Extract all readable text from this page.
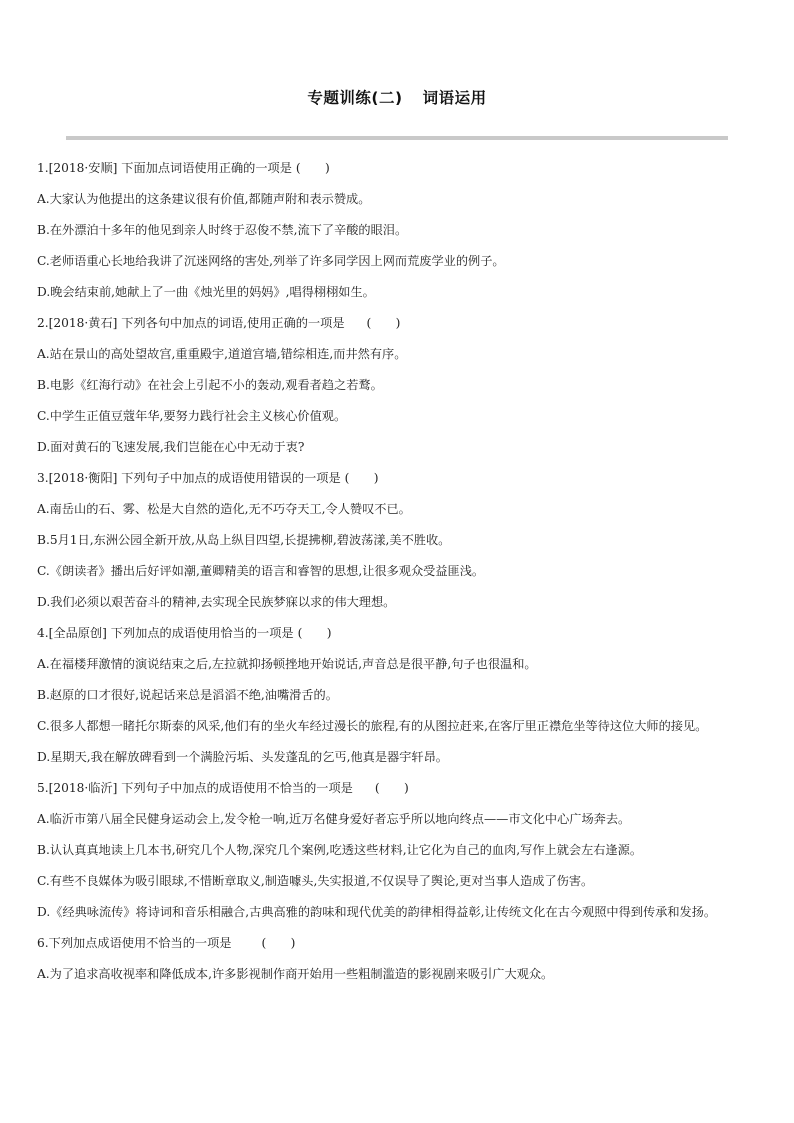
专题训练(二) 词语运用
1.[2018·安顺] 下面加点词语使用正确的一项是 (　　)
A.大家认为他提出的这条建议很有价值,都随声附和表示赞成。
B.在外漂泊十多年的他见到亲人时终于忍俊不禁,流下了辛酸的眼泪。
C.老师语重心长地给我讲了沉迷网络的害处,列举了许多同学因上网而荒废学业的例子。
D.晚会结束前,她献上了一曲《烛光里的妈妈》,唱得栩栩如生。
2.[2018·黄石] 下列各句中加点的词语,使用正确的一项是 (　　)
A.站在景山的高处望故宫,重重殿宇,道道宫墙,错综相连,而井然有序。
B.电影《红海行动》在社会上引起不小的轰动,观看者趋之若鹜。
C.中学生正值豆蔻年华,要努力践行社会主义核心价值观。
D.面对黄石的飞速发展,我们岂能在心中无动于衷?
3.[2018·衡阳] 下列句子中加点的成语使用错误的一项是 (　　)
A.南岳山的石、雾、松是大自然的造化,无不巧夺天工,令人赞叹不已。
B.5月1日,东洲公园全新开放,从岛上纵目四望,长提拂柳,碧波荡漾,美不胜收。
C.《朗读者》播出后好评如潮,董卿精美的语言和睿智的思想,让很多观众受益匪浅。
D.我们必须以艰苦奋斗的精神,去实现全民族梦寐以求的伟大理想。
4.[全品原创] 下列加点的成语使用恰当的一项是 (　　)
A.在福楼拜激情的演说结束之后,左拉就抑扬顿挫地开始说话,声音总是很平静,句子也很温和。
B.赵原的口才很好,说起话来总是滔滔不绝,油嘴滑舌的。
C.很多人都想一睹托尔斯泰的风采,他们有的坐火车经过漫长的旅程,有的从图拉赶来,在客厅里正襟危坐等待这位大师的接见。
D.星期天,我在解放碑看到一个满脸污垢、头发蓬乱的乞丐,他真是器宇轩昂。
5.[2018·临沂] 下列句子中加点的成语使用不恰当的一项是 (　　)
A.临沂市第八届全民健身运动会上,发令枪一响,近万名健身爱好者忘乎所以地向终点——市文化中心广场奔去。
B.认认真真地读上几本书,研究几个人物,深究几个案例,吃透这些材料,让它化为自己的血肉,写作上就会左右逢源。
C.有些不良媒体为吸引眼球,不惜断章取义,制造噱头,失实报道,不仅误导了舆论,更对当事人造成了伤害。
D.《经典咏流传》将诗词和音乐相融合,古典高雅的韵味和现代优美的韵律相得益彰,让传统文化在古今观照中得到传承和发扬。
6.下列加点成语使用不恰当的一项是 (　　)
A.为了追求高收视率和降低成本,许多影视制作商开始用一些粗制滥造的影视剧来吸引广大观众。
